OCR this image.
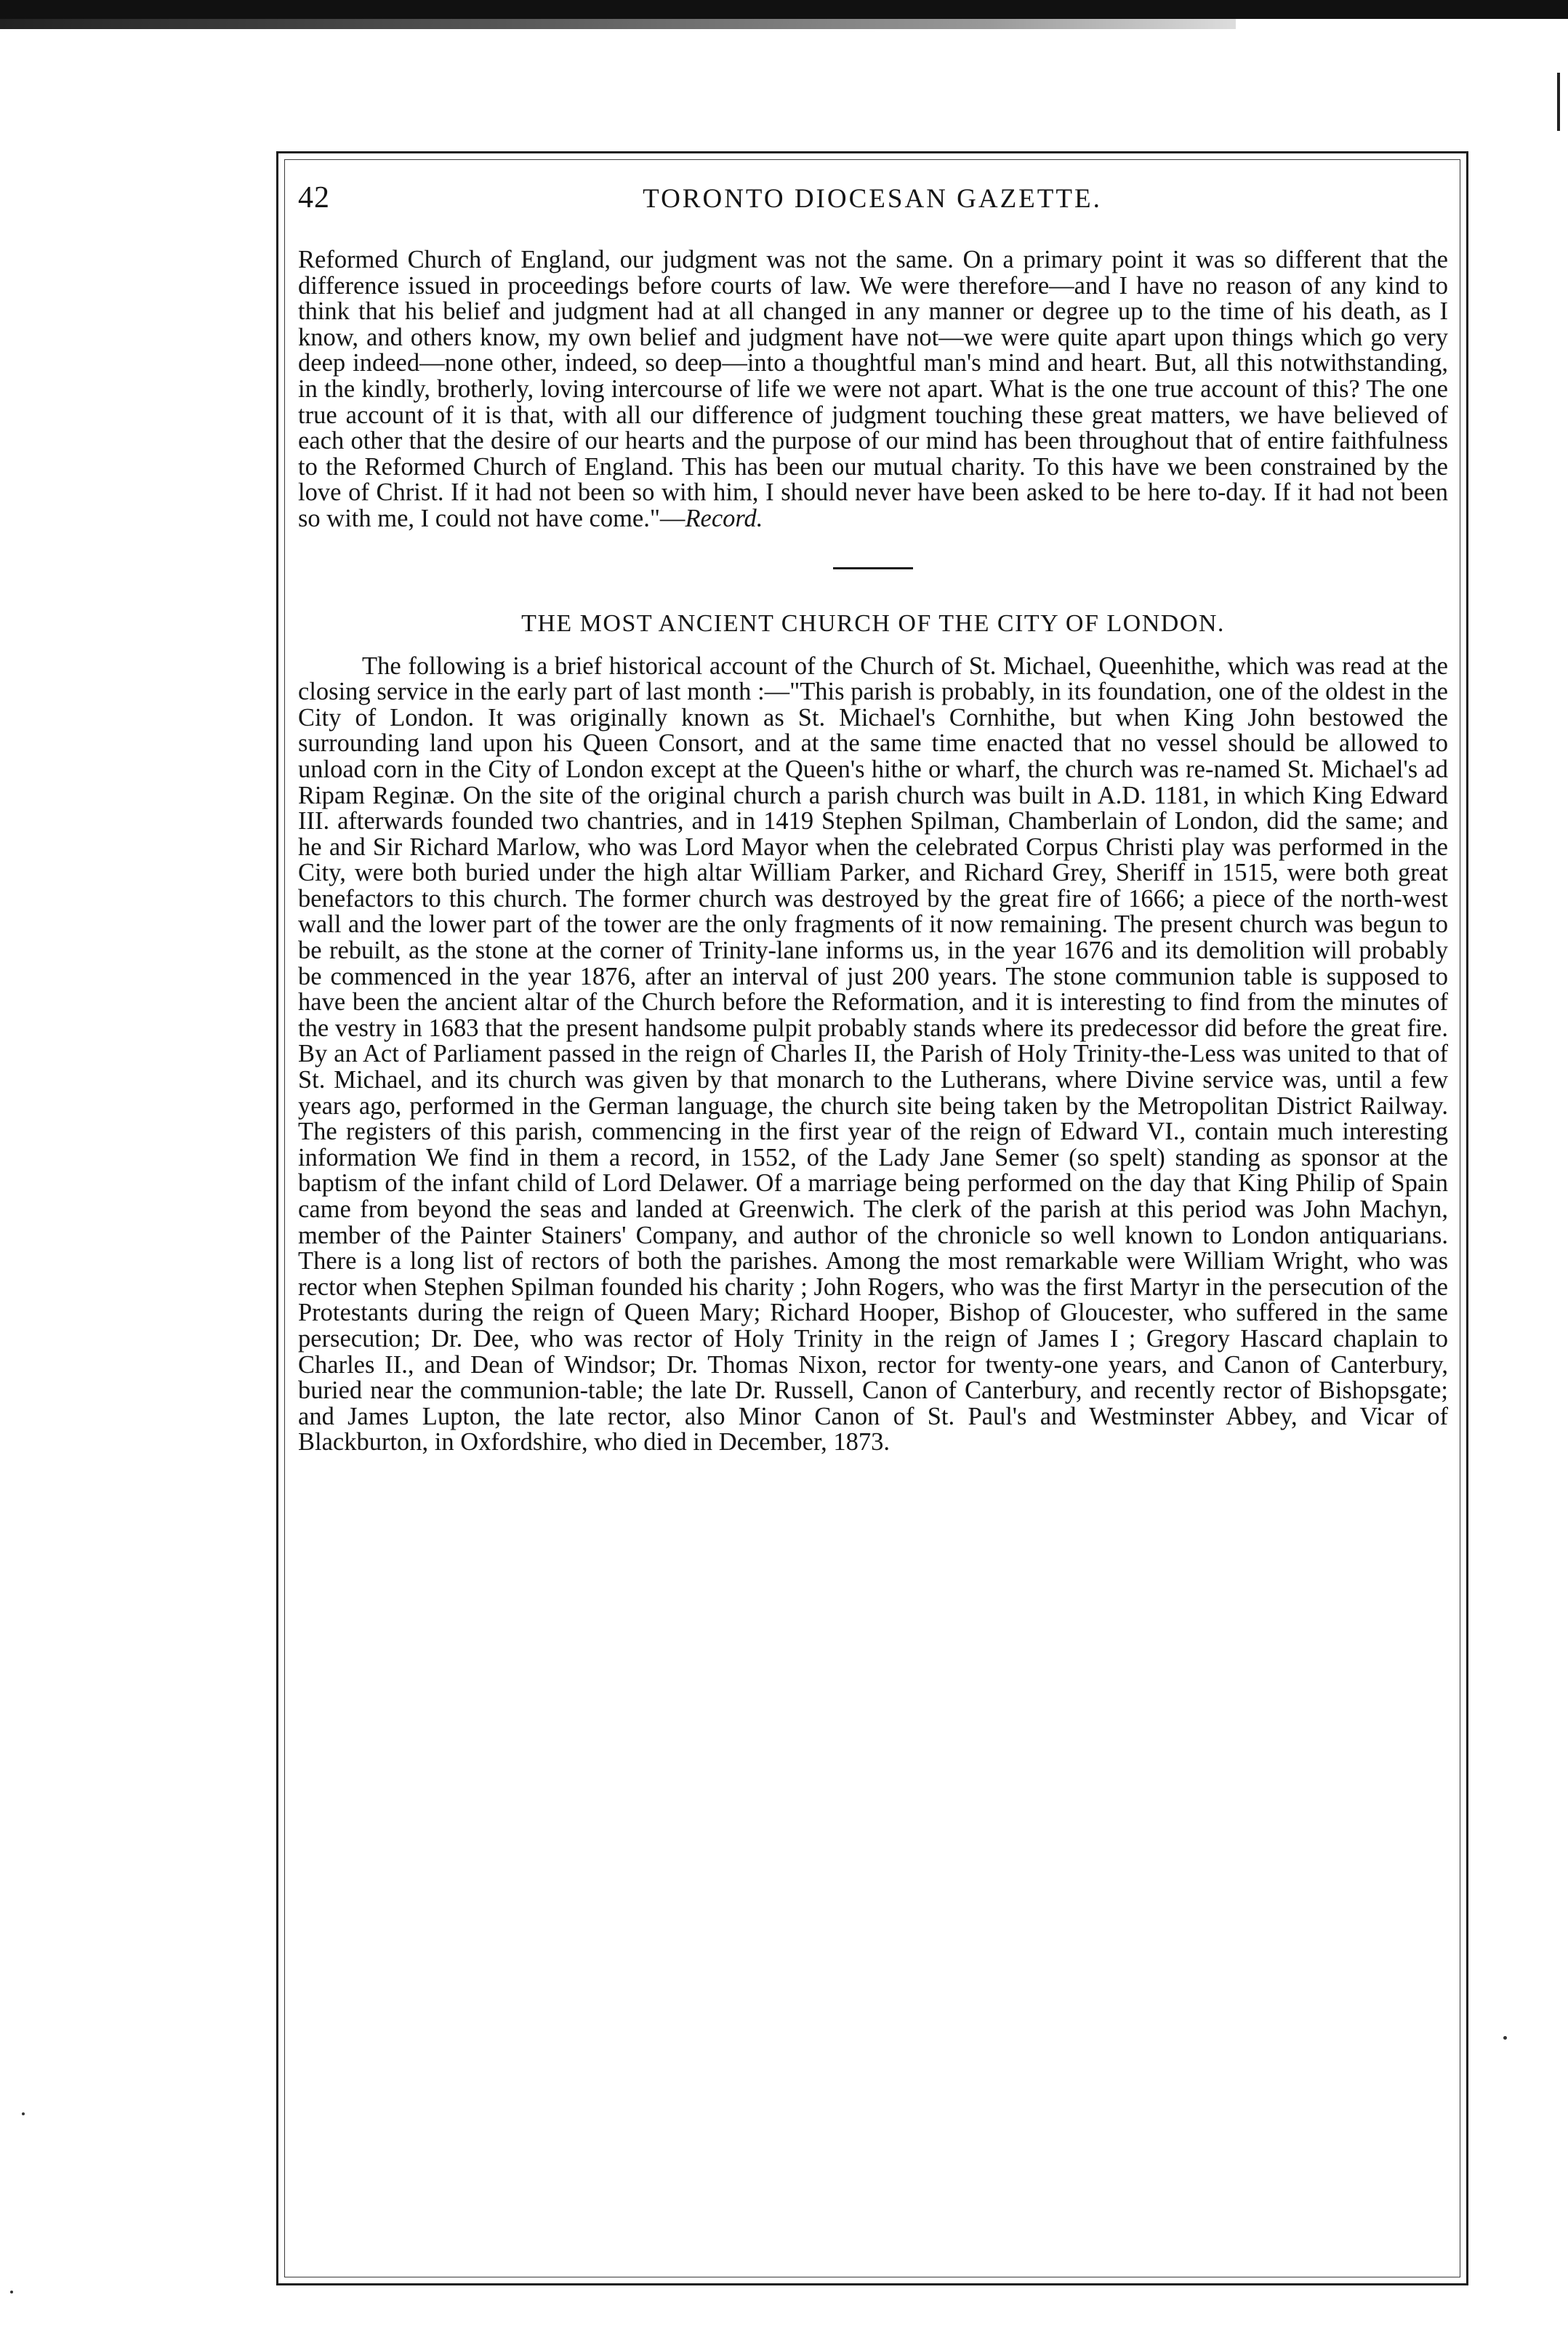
42	TORONTO DIOCESAN GAZETTE.

Reformed Church of England, our judgment was not the same. On a primary point it was so different that the difference issued in proceedings before courts of law. We were therefore—and I have no reason of any kind to think that his belief and judgment had at all changed in any manner or degree up to the time of his death, as I know, and others know, my own belief and judgment have not—we were quite apart upon things which go very deep indeed—none other, indeed, so deep—into a thoughtful man's mind and heart. But, all this notwithstanding, in the kindly, brotherly, loving intercourse of life we were not apart. What is the one true account of this? The one true account of it is that, with all our difference of judgment touching these great matters, we have believed of each other that the desire of our hearts and the purpose of our mind has been throughout that of entire faithfulness to the Reformed Church of England. This has been our mutual charity. To this have we been constrained by the love of Christ. If it had not been so with him, I should never have been asked to be here to-day. If it had not been so with me, I could not have come."—Record.

THE MOST ANCIENT CHURCH OF THE CITY OF LONDON.

The following is a brief historical account of the Church of St. Michael, Queenhithe, which was read at the closing service in the early part of last month :—"This parish is probably, in its foundation, one of the oldest in the City of London. It was originally known as St. Michael's Cornhithe, but when King John bestowed the surrounding land upon his Queen Consort, and at the same time enacted that no vessel should be allowed to unload corn in the City of London except at the Queen's hithe or wharf, the church was re-named St. Michael's ad Ripam Reginæ. On the site of the original church a parish church was built in A.D. 1181, in which King Edward III. afterwards founded two chantries, and in 1419 Stephen Spilman, Chamberlain of London, did the same; and he and Sir Richard Marlow, who was Lord Mayor when the celebrated Corpus Christi play was performed in the City, were both buried under the high altar William Parker, and Richard Grey, Sheriff in 1515, were both great benefactors to this church. The former church was destroyed by the great fire of 1666; a piece of the north-west wall and the lower part of the tower are the only fragments of it now remaining. The present church was begun to be rebuilt, as the stone at the corner of Trinity-lane informs us, in the year 1676 and its demolition will probably be commenced in the year 1876, after an interval of just 200 years. The stone communion table is supposed to have been the ancient altar of the Church before the Reformation, and it is interesting to find from the minutes of the vestry in 1683 that the present handsome pulpit probably stands where its predecessor did before the great fire. By an Act of Parliament passed in the reign of Charles II, the Parish of Holy Trinity-the-Less was united to that of St. Michael, and its church was given by that monarch to the Lutherans, where Divine service was, until a few years ago, performed in the German language, the church site being taken by the Metropolitan District Railway. The registers of this parish, commencing in the first year of the reign of Edward VI., contain much interesting information We find in them a record, in 1552, of the Lady Jane Semer (so spelt) standing as sponsor at the baptism of the infant child of Lord Delawer. Of a marriage being performed on the day that King Philip of Spain came from beyond the seas and landed at Greenwich. The clerk of the parish at this period was John Machyn, member of the Painter Stainers' Company, and author of the chronicle so well known to London antiquarians. There is a long list of rectors of both the parishes. Among the most remarkable were William Wright, who was rector when Stephen Spilman founded his charity ; John Rogers, who was the first Martyr in the persecution of the Protestants during the reign of Queen Mary; Richard Hooper, Bishop of Gloucester, who suffered in the same persecution; Dr. Dee, who was rector of Holy Trinity in the reign of James I ; Gregory Hascard chaplain to Charles II., and Dean of Windsor; Dr. Thomas Nixon, rector for twenty-one years, and Canon of Canterbury, buried near the communion-table; the late Dr. Russell, Canon of Canterbury, and recently rector of Bishopsgate; and James Lupton, the late rector, also Minor Canon of St. Paul's and Westminster Abbey, and Vicar of Blackburton, in Oxfordshire, who died in December, 1873.
